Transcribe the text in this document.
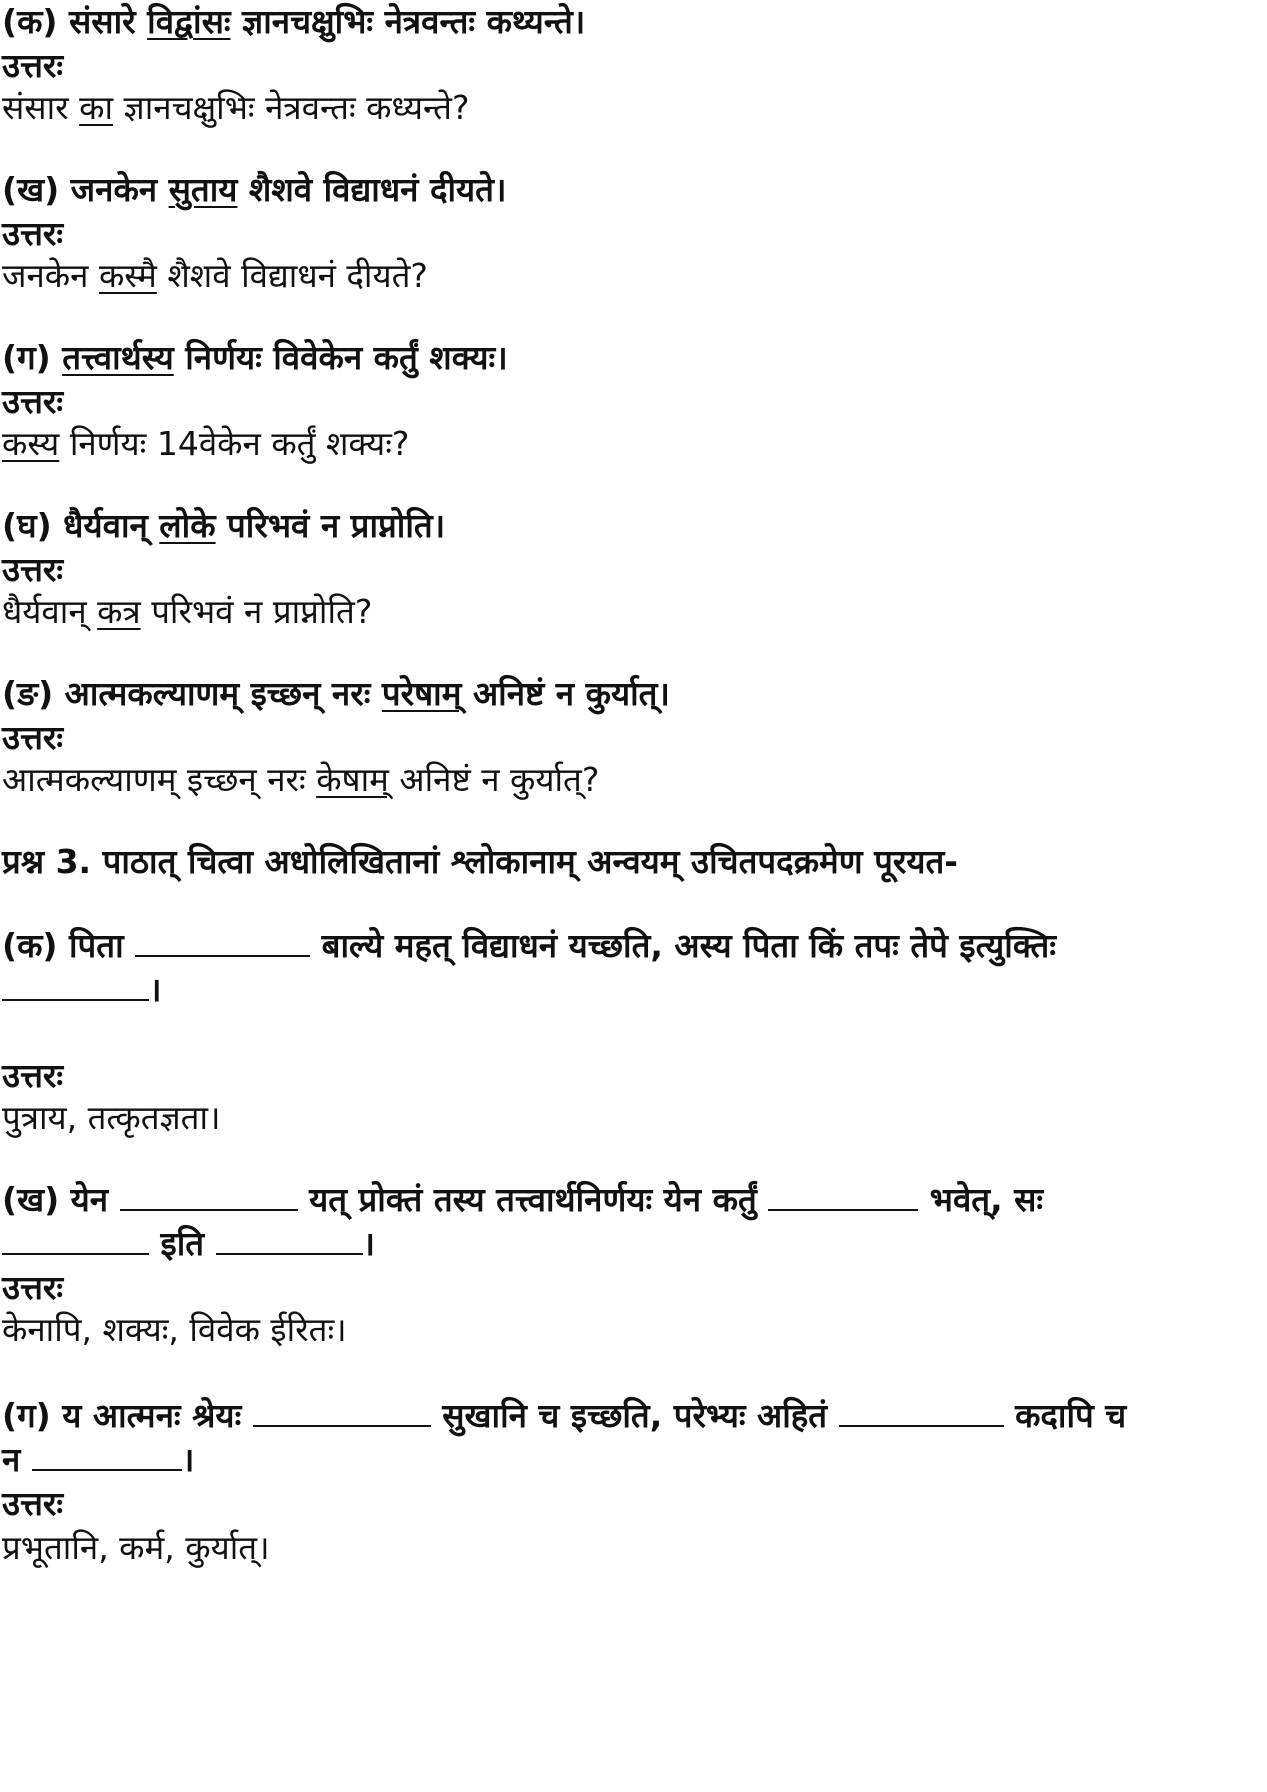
(क) संसारे विद्वांसः ज्ञानचक्षुभिः नेत्रवन्तः कथ्यन्ते।
उत्तरः
संसार का ज्ञानचक्षुभिः नेत्रवन्तः कध्यन्ते?
(ख) जनकेन सुताय शैशवे विद्याधनं दीयते।
उत्तरः
जनकेन कस्मै शैशवे विद्याधनं दीयते?
(ग) तत्त्वार्थस्य निर्णयः विवेकेन कर्तुं शक्यः।
उत्तरः
कस्य निर्णयः 14वेकेन कर्तुं शक्यः?
(घ) धैर्यवान् लोके परिभवं न प्राप्नोति।
उत्तरः
धैर्यवान् कत्र परिभवं न प्राप्नोति?
(ङ) आत्मकल्याणम् इच्छन् नरः परेषाम् अनिष्टं न कुर्यात्।
उत्तरः
आत्मकल्याणम् इच्छन् नरः केषाम् अनिष्टं न कुर्यात्?
प्रश्न 3. पाठात् चित्वा अधोलिखितानां श्लोकानाम् अन्वयम् उचितपदक्रमेण पूरयत-
(क) पिता	बाल्ये महत् विद्याधनं यच्छति, अस्य पिता किं तपः तेपे इत्युक्तिः
।
उत्तरः
पुत्राय, तत्कृतज्ञता।
(ख) येन	यत् प्रोक्तं तस्य तत्त्वार्थनिर्णयः येन कर्तुं	भवेत्, सः
इति	।
उत्तरः
केनापि, शक्यः, विवेक ईरितः।
(ग) य आत्मनः श्रेयः	सुखानि च इच्छति, परेभ्यः अहितं	कदापि च
न	।
उत्तरः
प्रभूतानि, कर्म, कुर्यात्।
